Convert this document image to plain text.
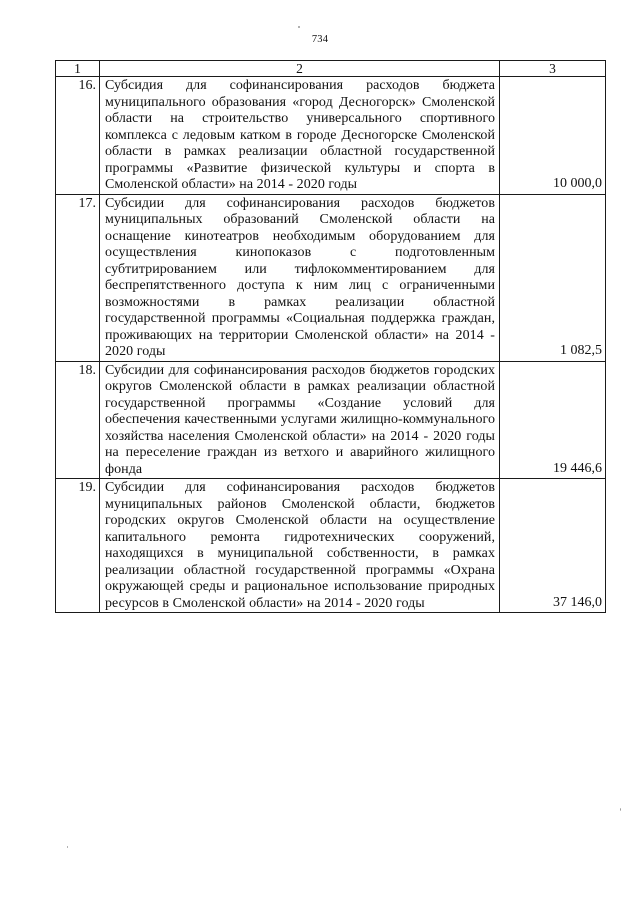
734
1	2	3
16.	Субсидия для софинансирования расходов бюджета муниципального образования «город Десногорск» Смоленской области на строительство универсального спортивного комплекса с ледовым катком в городе Десногорске Смоленской области в рамках реализации областной государственной программы «Развитие физической культуры и спорта в Смоленской области» на 2014 - 2020 годы	10 000,0
17.	Субсидии для софинансирования расходов бюджетов муниципальных образований Смоленской области на оснащение кинотеатров необходимым оборудованием для осуществления кинопоказов с подготовленным субтитрированием или тифлокомментированием для беспрепятственного доступа к ним лиц с ограниченными возможностями в рамках реализации областной государственной программы «Социальная поддержка граждан, проживающих на территории Смоленской области» на 2014 - 2020 годы	1 082,5
18.	Субсидии для софинансирования расходов бюджетов городских округов Смоленской области в рамках реализации областной государственной программы «Создание условий для обеспечения качественными услугами жилищно-коммунального хозяйства населения Смоленской области» на 2014 - 2020 годы на переселение граждан из ветхого и аварийного жилищного фонда	19 446,6
19.	Субсидии для софинансирования расходов бюджетов муниципальных районов Смоленской области, бюджетов городских округов Смоленской области на осуществление капитального ремонта гидротехнических сооружений, находящихся в муниципальной собственности, в рамках реализации областной государственной программы «Охрана окружающей среды и рациональное использование природных ресурсов в Смоленской области» на 2014 - 2020 годы	37 146,0
